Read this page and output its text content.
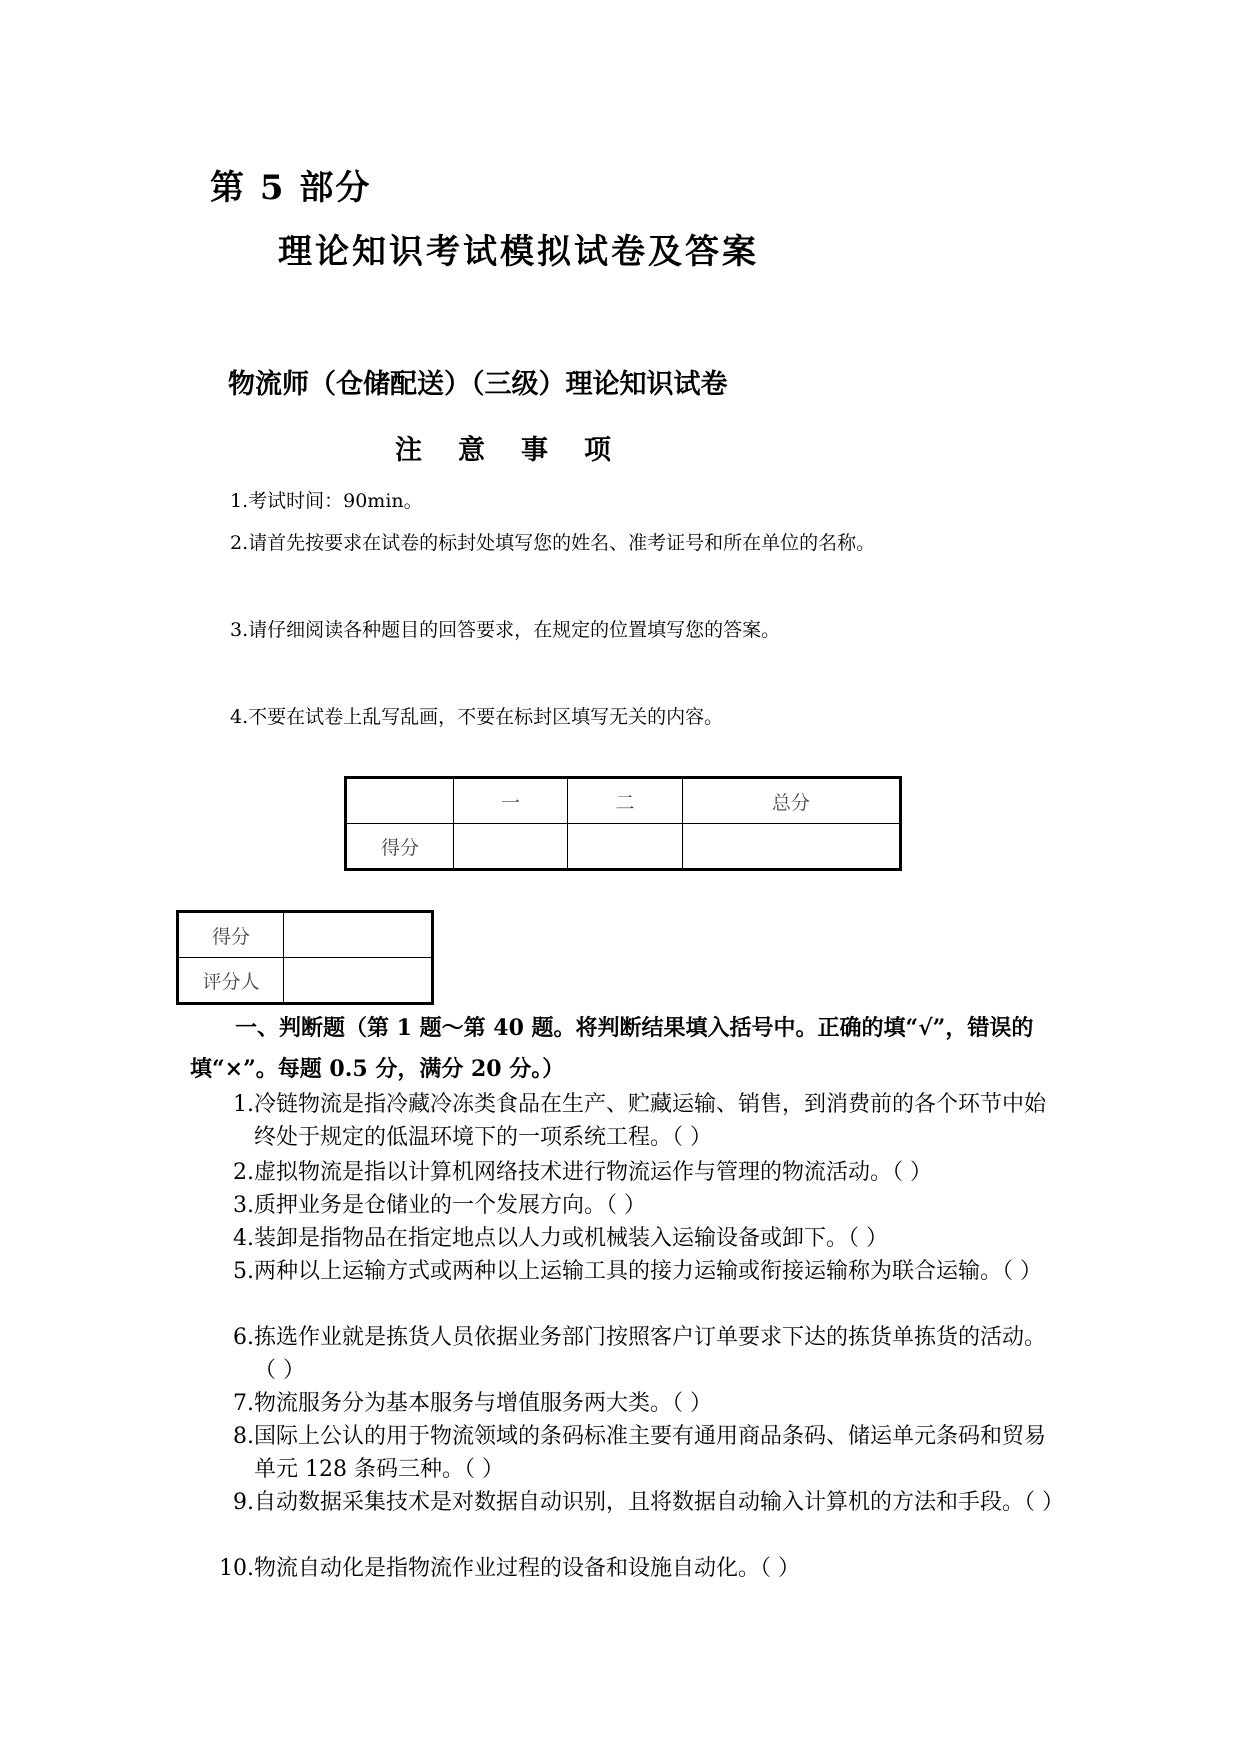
第 5 部分
理论知识考试模拟试卷及答案
物流师（仓储配送）（三级）理论知识试卷
注意事项
1.考试时间：90min。
2.请首先按要求在试卷的标封处填写您的姓名、准考证号和所在单位的名称。
3.请仔细阅读各种题目的回答要求，在规定的位置填写您的答案。
4.不要在试卷上乱写乱画，不要在标封区填写无关的内容。
	一	二	总分
得分			
得分	
评分人	
一、判断题（第 1 题～第 40 题。将判断结果填入括号中。正确的填“√”，错误的填“×”。每题 0.5 分，满分 20 分。）
1.冷链物流是指冷藏冷冻类食品在生产、贮藏运输、销售，到消费前的各个环节中始终处于规定的低温环境下的一项系统工程。（ ）
2.虚拟物流是指以计算机网络技术进行物流运作与管理的物流活动。（ ）
3.质押业务是仓储业的一个发展方向。（ ）
4.装卸是指物品在指定地点以人力或机械装入运输设备或卸下。（ ）
5.两种以上运输方式或两种以上运输工具的接力运输或衔接运输称为联合运输。（ ）
6.拣选作业就是拣货人员依据业务部门按照客户订单要求下达的拣货单拣货的活动。（ ）
7.物流服务分为基本服务与增值服务两大类。（ ）
8.国际上公认的用于物流领域的条码标准主要有通用商品条码、储运单元条码和贸易单元 128 条码三种。（ ）
9.自动数据采集技术是对数据自动识别，且将数据自动输入计算机的方法和手段。（ ）
10.物流自动化是指物流作业过程的设备和设施自动化。（ ）
